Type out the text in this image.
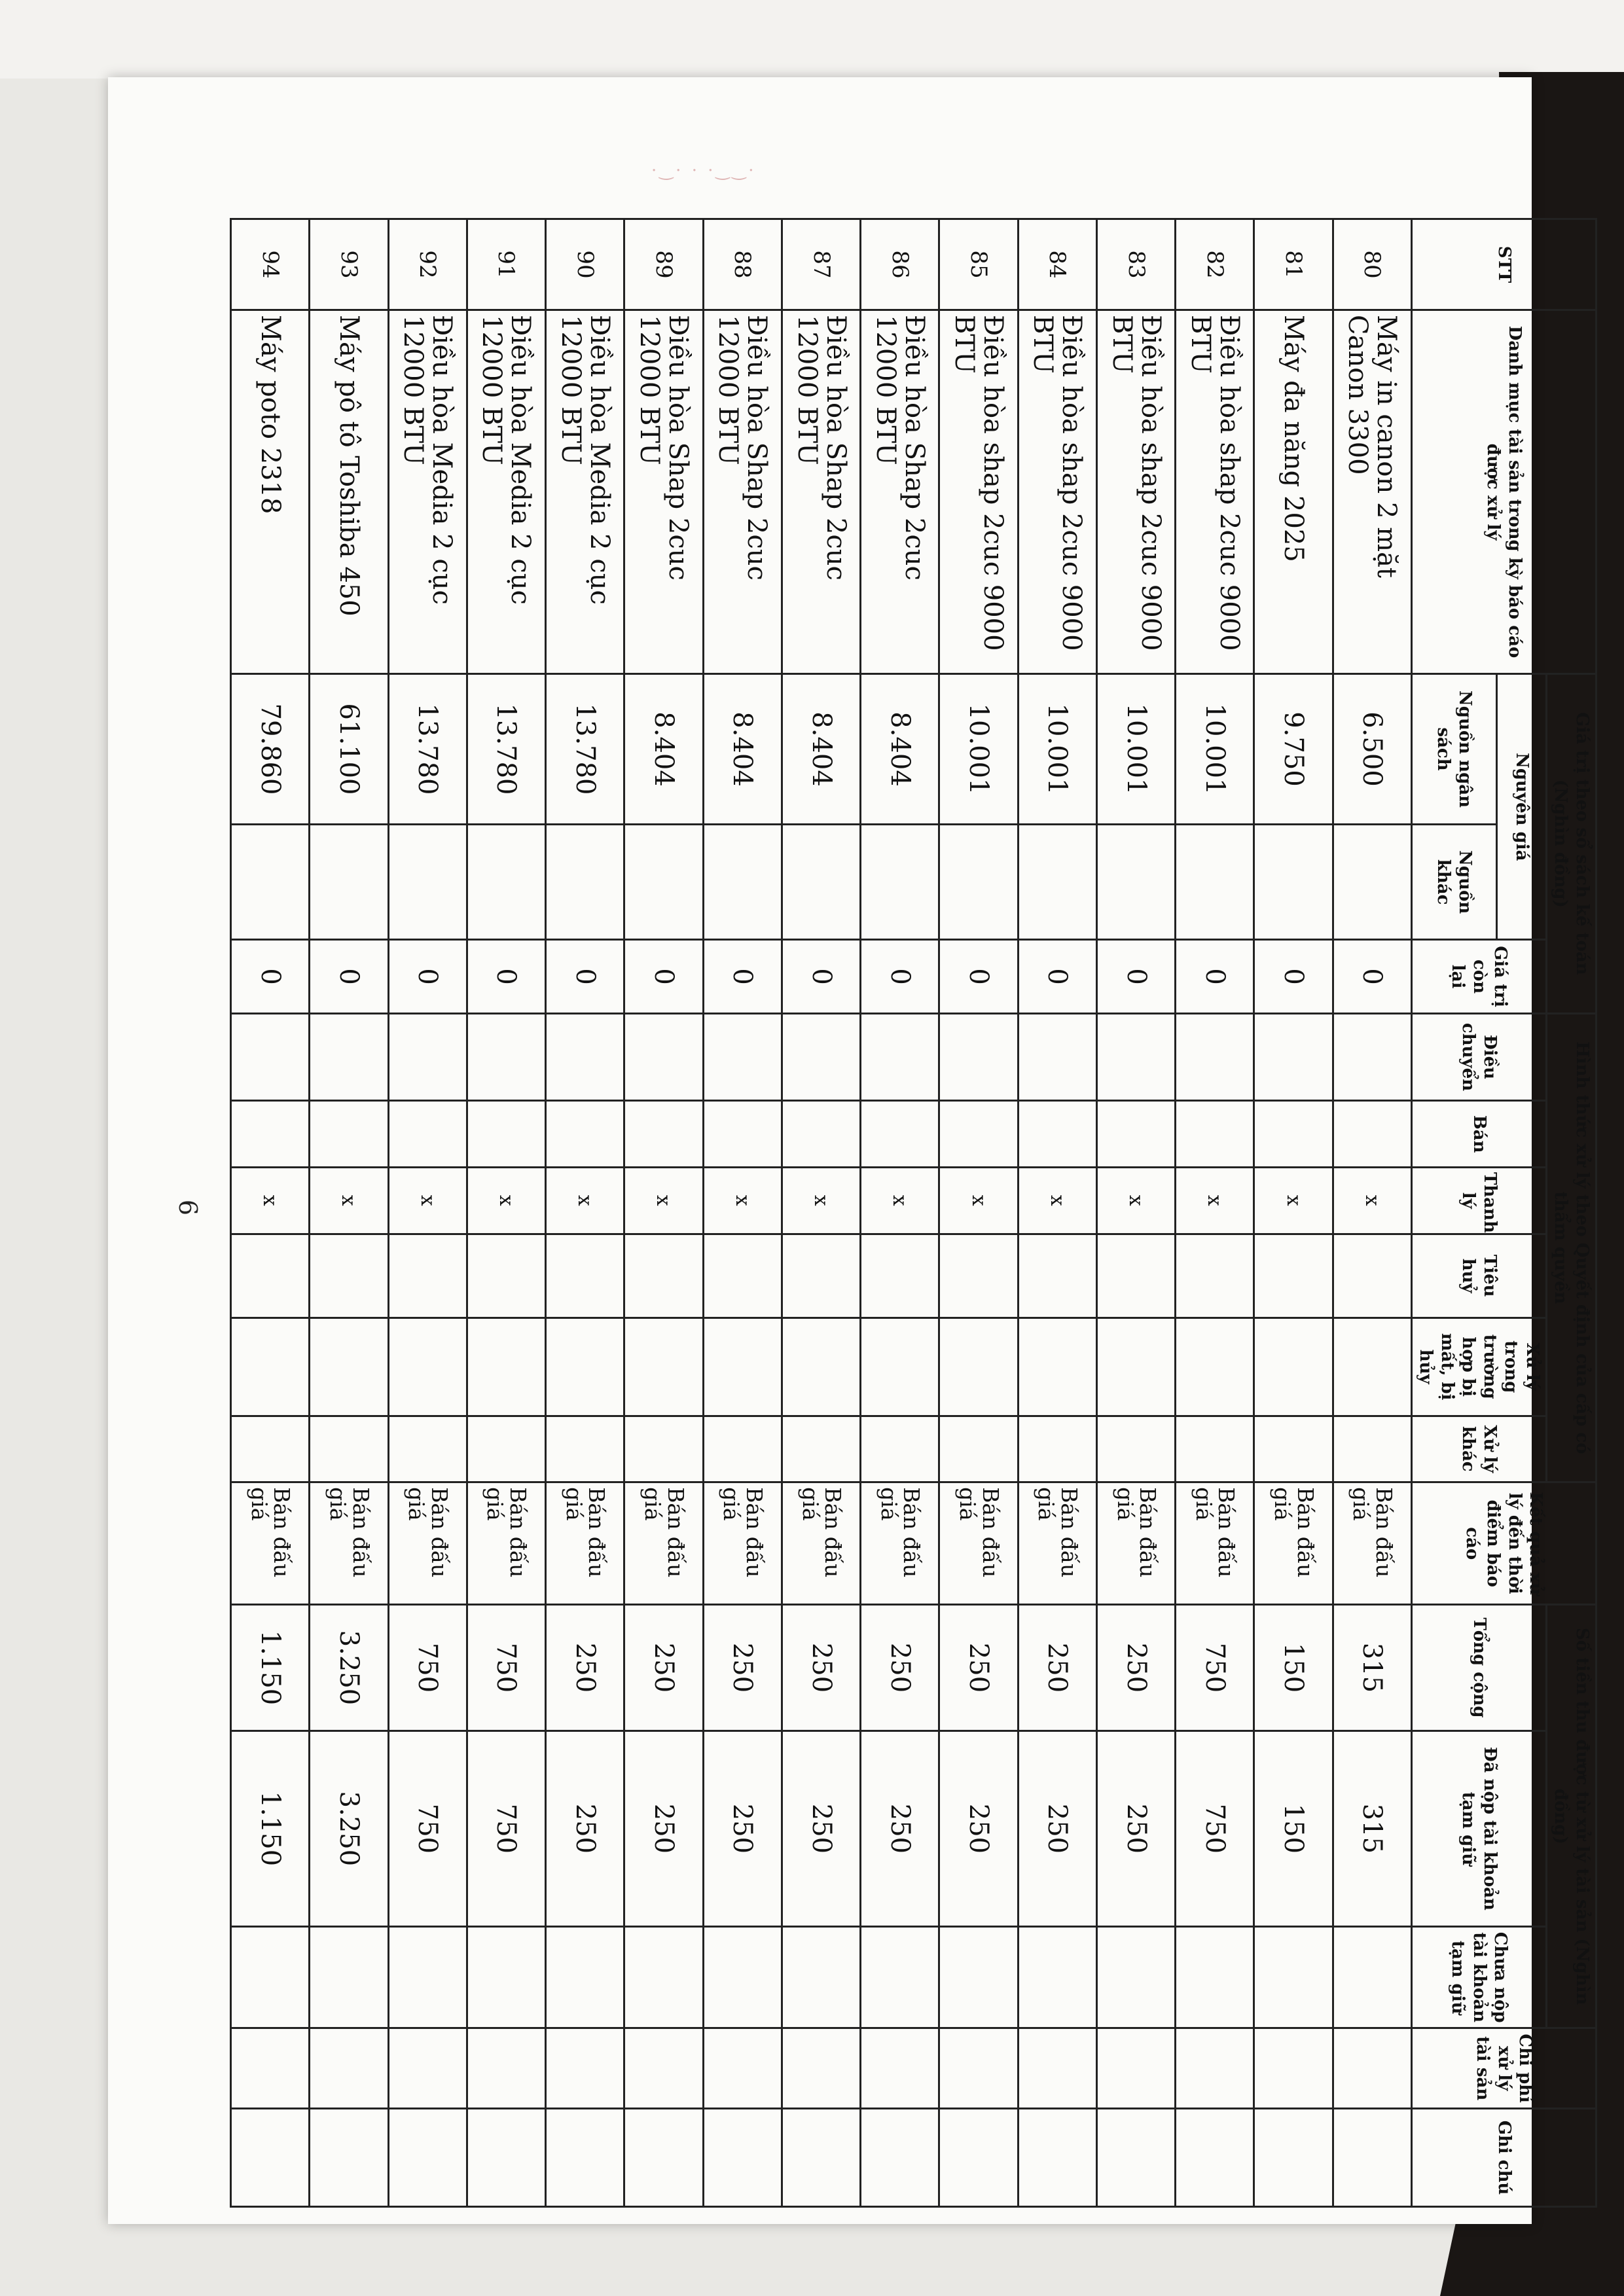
·‿· · ·‿‿·
STT	Danh mục tài sản trong kỳ báo cáo được xử lý	Giá trị theo sổ sách kế toán (Nghìn đồng)			Hình thức xử lý theo Quyết định của cấp có thẩm quyền						Kết quả xử lý đến thời điểm báo cáo	Số tiền thu được từ xử lý tài sản (Nghìn đồng)			Chi phí xử lý tài sản	Ghi chú
		Nguyên giá		Giá trị còn lại	Điều chuyển	Bán	Thanh lý	Tiêu huỷ	Xử lý trong trường hợp bị mất, bị hủy	Xử lý khác		Tổng cộng	Đã nộp tài khoản tạm giữ	Chưa nộp tài khoản tạm giữ		
		Nguồn ngân sách	Nguồn khác													
80	Máy in canon 2 mặt Canon 3300	6.500		0			x				Bán đấu giá	315	315			
81	Máy đa năng 2025	9.750		0			x				Bán đấu giá	150	150			
82	Điều hòa shap 2cuc 9000 BTU	10.001		0			x				Bán đấu giá	750	750			
83	Điều hòa shap 2cuc 9000 BTU	10.001		0			x				Bán đấu giá	250	250			
84	Điều hòa shap 2cuc 9000 BTU	10.001		0			x				Bán đấu giá	250	250			
85	Điều hòa shap 2cuc 9000 BTU	10.001		0			x				Bán đấu giá	250	250			
86	Điều hòa Shap 2cuc 12000 BTU	8.404		0			x				Bán đấu giá	250	250			
87	Điều hòa Shap 2cuc 12000 BTU	8.404		0			x				Bán đấu giá	250	250			
88	Điều hòa Shap 2cuc 12000 BTU	8.404		0			x				Bán đấu giá	250	250			
89	Điều hòa Shap 2cuc 12000 BTU	8.404		0			x				Bán đấu giá	250	250			
90	Điều hòa Media 2 cục 12000 BTU	13.780		0			x				Bán đấu giá	250	250			
91	Điều hòa Media 2 cục 12000 BTU	13.780		0			x				Bán đấu giá	750	750			
92	Điều hòa Media 2 cục 12000 BTU	13.780		0			x				Bán đấu giá	750	750			
93	Máy pô tô Toshiba 450	61.100		0			x				Bán đấu giá	3.250	3.250			
94	Máy poto 2318	79.860		0			x				Bán đấu giá	1.150	1.150			
6
